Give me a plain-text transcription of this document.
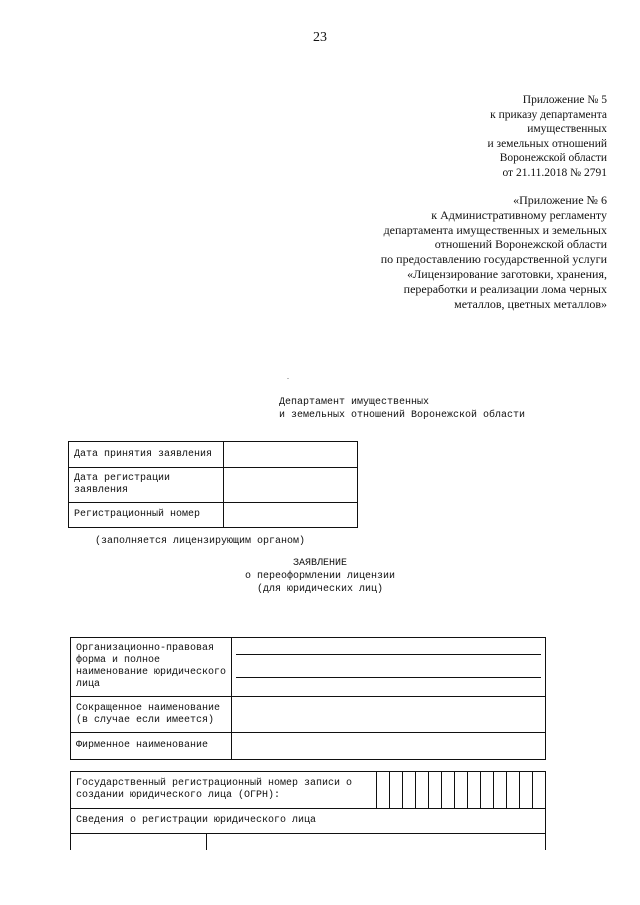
23
Приложение № 5
к приказу департамента
имущественных
и земельных отношений
Воронежской области
от 21.11.2018 № 2791
«Приложение № 6
к Административному регламенту
департамента имущественных и земельных
отношений Воронежской области
по предоставлению государственной услуги
«Лицензирование заготовки, хранения,
переработки и реализации лома черных
металлов, цветных металлов»
Департамент имущественных
и земельных отношений Воронежской области
Дата принятия заявления	
Дата регистрации заявления	
Регистрационный номер	
(заполняется лицензирующим органом)
ЗАЯВЛЕНИЕ
о переоформлении лицензии
(для юридических лиц)
Организационно-правовая форма и полное наименование юридического лица	

Сокращенное наименование (в случае если имеется)	
Фирменное наименование	
Государственный регистрационный номер записи о создании юридического лица (ОГРН):													
Сведения о регистрации юридического лица
